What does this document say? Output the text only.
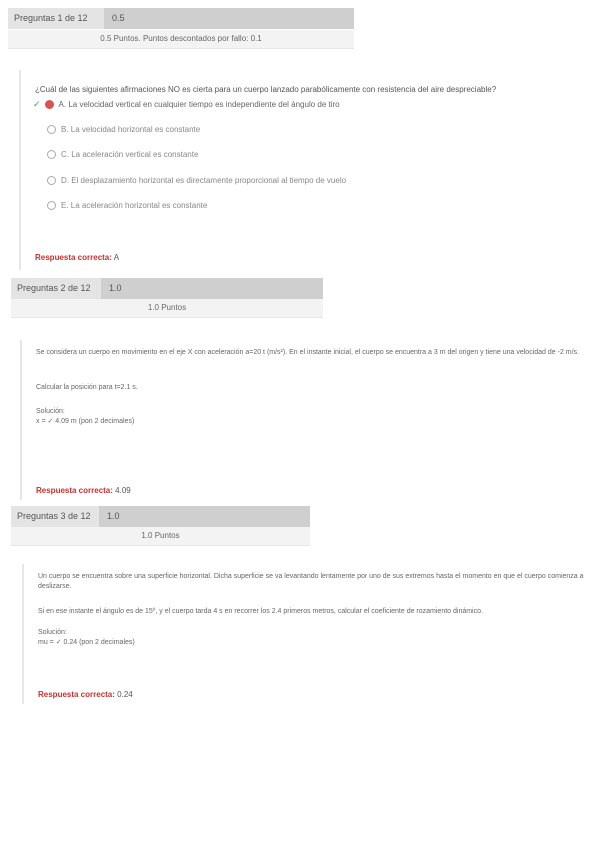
Preguntas 1 de 12	0.5
0.5 Puntos. Puntos descontados por fallo: 0.1
¿Cuál de las siguientes afirmaciones NO es cierta para un cuerpo lanzado parabólicamente con resistencia del aire despreciable?
✓ A. La velocidad vertical en cualquier tiempo es independiente del ángulo de tiro
B. La velocidad horizontal es constante
C. La aceleración vertical es constante
D. El desplazamiento horizontal es directamente proporcional al tiempo de vuelo
E. La aceleración horizontal es constante
Respuesta correcta: A
Preguntas 2 de 12	1.0
1.0 Puntos
Se considera un cuerpo en movimiento en el eje X con aceleración a=20 t (m/s²). En el instante inicial, el cuerpo se encuentra a 3 m del origen y tiene una velocidad de -2 m/s.
Calcular la posición para t=2.1 s.
Solución:
x = ✓ 4.09 m (pon 2 decimales)
Respuesta correcta: 4.09
Preguntas 3 de 12	1.0
1.0 Puntos
Un cuerpo se encuentra sobre una superficie horizontal. Dicha superficie se va levantando lentamente por uno de sus extremos hasta el momento en que el cuerpo comienza a deslizarse.
Si en ese instante el ángulo es de 15º, y el cuerpo tarda 4 s en recorrer los 2.4 primeros metros, calcular el coeficiente de rozamiento dinámico.
Solución:
mu = ✓ 0.24 (pon 2 decimales)
Respuesta correcta: 0.24
